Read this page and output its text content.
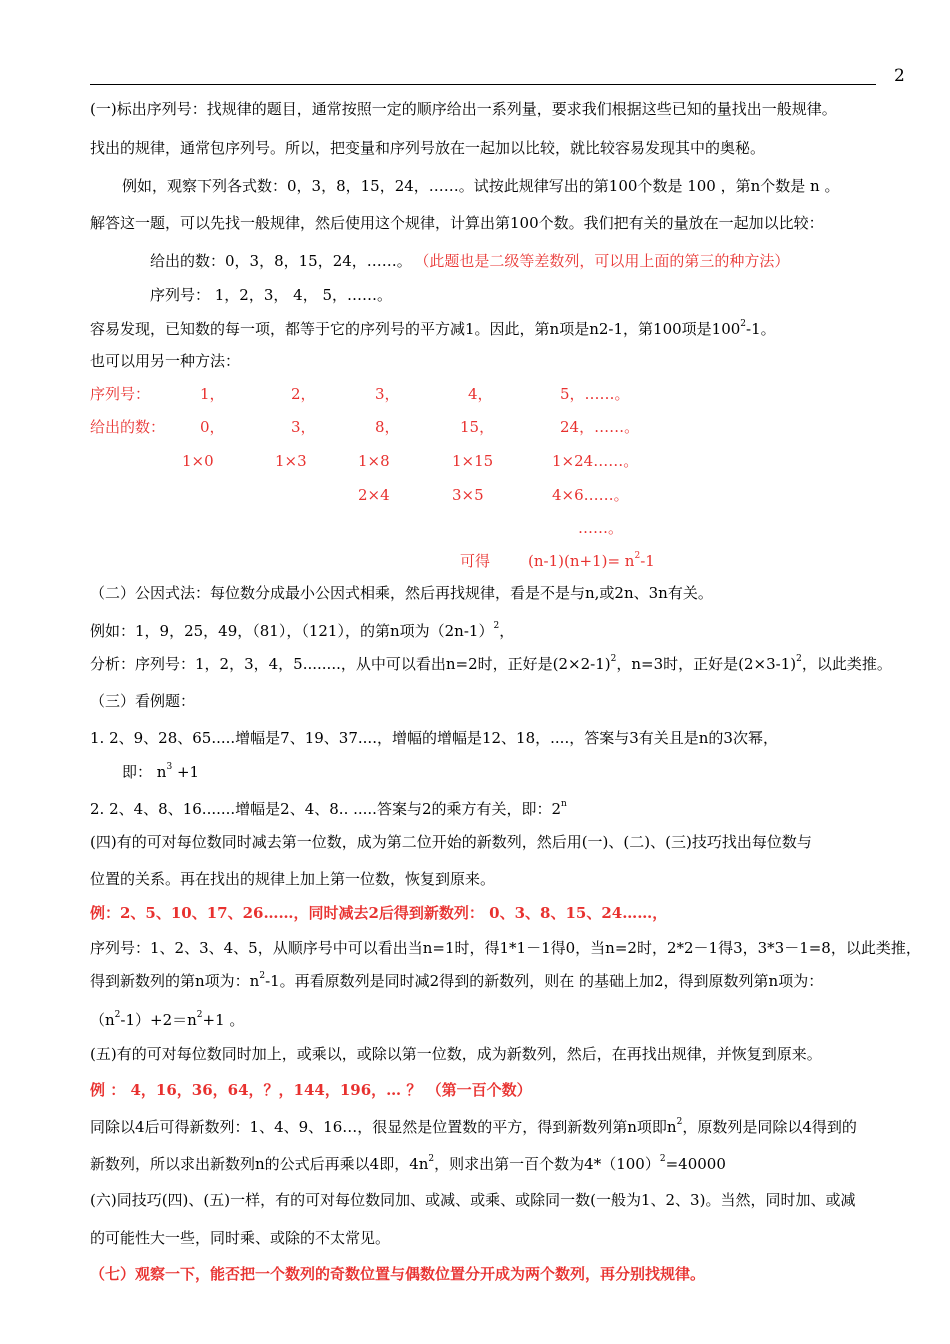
2
(一)标出序列号：找规律的题目，通常按照一定的顺序给出一系列量，要求我们根据这些已知的量找出一般规律。
找出的规律，通常包序列号。所以，把变量和序列号放在一起加以比较，就比较容易发现其中的奥秘。
例如，观察下列各式数：0，3，8，15，24，……。试按此规律写出的第100个数是 100 ，第n个数是 n 。
解答这一题，可以先找一般规律，然后使用这个规律，计算出第100个数。我们把有关的量放在一起加以比较：
给出的数：0，3，8，15，24，……。 （此题也是二级等差数列，可以用上面的第三的种方法）
序列号： 1，2，3， 4， 5，……。
容易发现，已知数的每一项，都等于它的序列号的平方减1。因此，第n项是n2-1，第100项是$100^2-1$。
也可以用另一种方法：
序列号：	1，	2，	3，	4，	5，……。
给出的数： 0，	3，	8，	15，	24，……。
1×0	1×3	1×8	1×15	1×24……。
2×4	3×5	4×6……。
……。
可得	$(n-1)(n+1)= n^2-1$
（二）公因式法：每位数分成最小公因式相乘，然后再找规律，看是不是与n,或2n、3n有关。
例如：1，9，25，49，（81），（121），的第n项为$(2n-1)^2$，
分析：序列号：1，2，3，4，5........，从中可以看出n=2时，正好是$(2\times 2-1)^2$，n=3时，正好是$(2\times 3-1)^2$，以此类推。
（三）看例题：
1. 2、9、28、65.....增幅是7、19、37....，增幅的增幅是12、18，....，答案与3有关且是n的3次幂，
即： $n^3 +1$
2. 2、4、8、16.......增幅是2、4、8.. .....答案与2的乘方有关，即：2$^n$
(四)有的可对每位数同时减去第一位数，成为第二位开始的新数列，然后用(一)、(二)、(三)技巧找出每位数与
位置的关系。再在找出的规律上加上第一位数，恢复到原来。
例：2、5、10、17、26……，同时减去2后得到新数列： 0、3、8、15、24……，
序列号：1、2、3、4、5，从顺序号中可以看出当n=1时，得1*1－1得0，当n=2时，2*2－1得3，3*3－1=8，以此类推，
得到新数列的第n项为：$n^2-1$。再看原数列是同时减2得到的新数列，则在 的基础上加2，得到原数列第n项为：
$(n^2-1)+2=n^2+1$ 。
(五)有的可对每位数同时加上，或乘以，或除以第一位数，成为新数列，然后，在再找出规律，并恢复到原来。
例 ： 4，16，36，64，？，144，196，… ？ （第一百个数）
同除以4后可得新数列：1、4、9、16…，很显然是位置数的平方，得到新数列第n项即$n^2$，原数列是同除以4得到的
新数列，所以求出新数列n的公式后再乘以4即，$4n^2$，则求出第一百个数为$4*(100)^2=40000$
(六)同技巧(四)、(五)一样，有的可对每位数同加、或减、或乘、或除同一数(一般为1、2、3)。当然，同时加、或减
的可能性大一些，同时乘、或除的不太常见。
（七）观察一下，能否把一个数列的奇数位置与偶数位置分开成为两个数列，再分别找规律。
